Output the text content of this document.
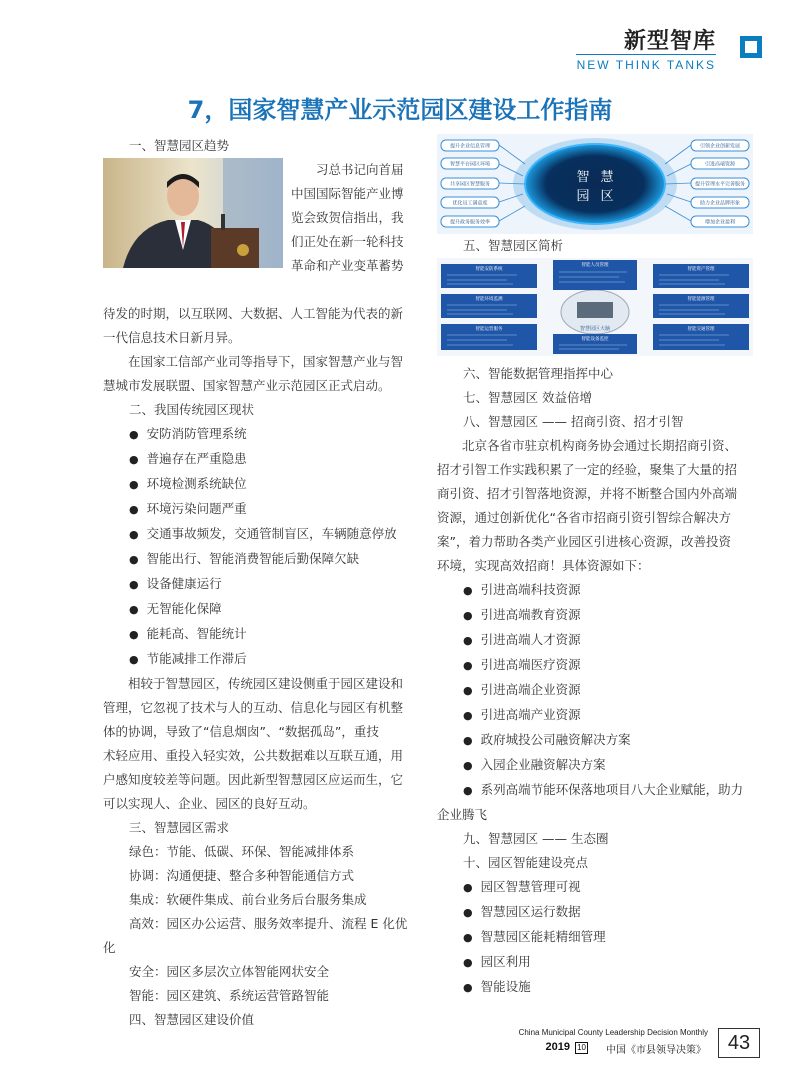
新型智库
NEW THINK TANKS
7，国家智慧产业示范园区建设工作指南

一、智慧园区趋势

习总书记向首届

中国国际智能产业博

览会致贺信指出，我

们正处在新一轮科技

革命和产业变革蓄势

待发的时期，以互联网、大数据、人工智能为代表的新

一代信息技术日新月异。

在国家工信部产业司等指导下，国家智慧产业与智

慧城市发展联盟、国家智慧产业示范园区正式启动。

二、我国传统园区现状

● 安防消防管理系统

● 普遍存在严重隐患

● 环境检测系统缺位

● 环境污染问题严重

● 交通事故频发，交通管制盲区，车辆随意停放

● 智能出行、智能消费智能后勤保障欠缺

● 设备健康运行

● 无智能化保障

● 能耗高、智能统计

● 节能减排工作滞后

相较于智慧园区，传统园区建设侧重于园区建设和

管理，它忽视了技术与人的互动、信息化与园区有机整

体的协调，导致了“信息烟囱”、“数据孤岛”，重技

术轻应用、重投入轻实效，公共数据难以互联互通，用

户感知度较差等问题。因此新型智慧园区应运而生，它

可以实现人、企业、园区的良好互动。

三、智慧园区需求

绿色：节能、低碳、环保、智能减排体系

协调：沟通便捷、整合多种智能通信方式

集成：软硬件集成、前台业务后台服务集成

高效：园区办公运营、服务效率提升、流程 E 化优

化

安全：园区多层次立体智能网状安全

智能：园区建筑、系统运营管路智能

四、智慧园区建设价值

智 慧
园 区
提升企业信息管理
智慧平台园区环境
共享园区智慧服务
优化员工满意度
提升政务服务效率
引领企业创新发展
引进高端资源
提升管理水平完善服务
助力企业品牌形象
增加企业盈利

五、智慧园区简析

智慧园区大脑
智能安防系统
智能环境监测
智能运营服务
智能人员管理
智能设备监控
智能资产管理
智能能源管理
智能交通管理

六、智能数据管理指挥中心

七、智慧园区 效益倍增

八、智慧园区 —— 招商引资、招才引智

北京各省市驻京机构商务协会通过长期招商引资、

招才引智工作实践积累了一定的经验，聚集了大量的招

商引资、招才引智落地资源，并将不断整合国内外高端

资源，通过创新优化“各省市招商引资引智综合解决方

案”，着力帮助各类产业园区引进核心资源，改善投资

环境，实现高效招商！具体资源如下：

● 引进高端科技资源

● 引进高端教育资源

● 引进高端人才资源

● 引进高端医疗资源

● 引进高端企业资源

● 引进高端产业资源

● 政府城投公司融资解决方案

● 入园企业融资解决方案

● 系列高端节能环保落地项目八大企业赋能，助力

企业腾飞

九、智慧园区 —— 生态圈

十、园区智能建设亮点

● 园区智慧管理可视

● 智慧园区运行数据

● 智慧园区能耗精细管理

● 园区利用

● 智能设施

China Municipal County Leadership Decision Monthly
2019 10 中国《市县领导决策》	43
